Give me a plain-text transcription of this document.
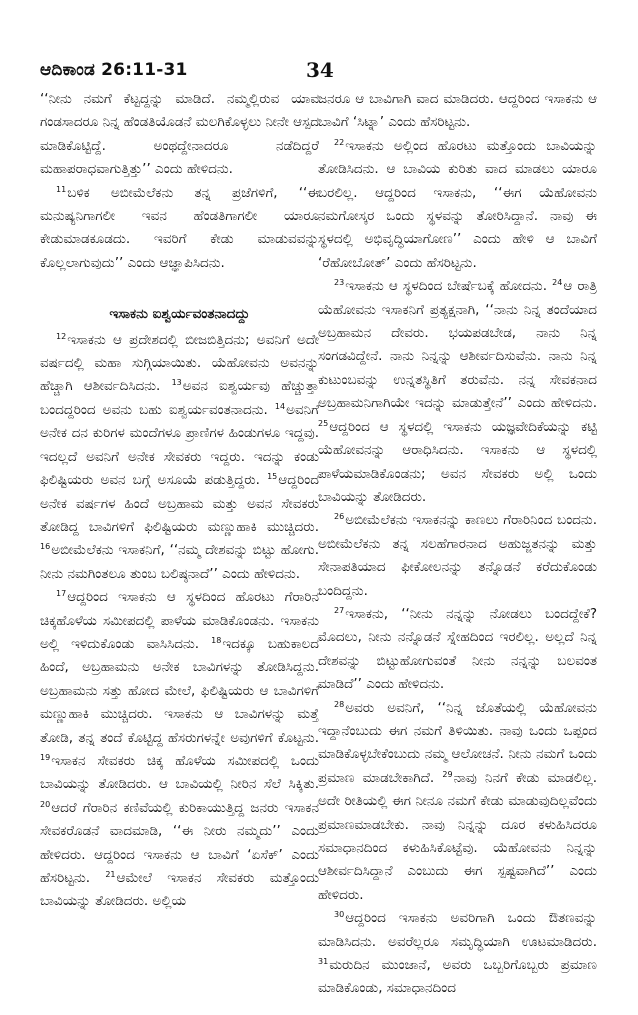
ಆದಿಕಾಂಡ 26:11-31	34

‘‘ನೀನು ನಮಗೆ ಕೆಟ್ಟದ್ದನ್ನು ಮಾಡಿದೆ. ನಮ್ಮಲ್ಲಿರುವ ಯಾವ ಗಂಡಸಾದರೂ ನಿನ್ನ ಹೆಂಡತಿಯೊಡನೆ ಮಲಗಿಕೊಳ್ಳಲು ನೀನೇ ಆಸ್ಪದ ಮಾಡಿಕೊಟ್ಟಿದ್ದೆ. ಅಂಥದ್ದೇನಾದರೂ ನಡೆದಿದ್ದರೆ ಮಹಾಪರಾಧವಾಗುತ್ತಿತ್ತು’’ ಎಂದು ಹೇಳಿದನು.

$^{11}$ಬಳಿಕ ಅಬೀಮೆಲೆಕನು ತನ್ನ ಪ್ರಜೆಗಳಿಗೆ, ‘‘ಈ ಮನುಷ್ಯನಿಗಾಗಲೀ ಇವನ ಹೆಂಡತಿಗಾಗಲೀ ಯಾರೂ ಕೇಡುಮಾಡಕೂಡದು. ಇವರಿಗೆ ಕೇಡು ಮಾಡುವವನ್ನು ಕೊಲ್ಲಲಾಗುವುದು’’ ಎಂದು ಆಜ್ಞಾಪಿಸಿದನು.

ಇಸಾಕನು ಐಶ್ವರ್ಯವಂತನಾದದ್ದು

$^{12}$ಇಸಾಕನು ಆ ಪ್ರದೇಶದಲ್ಲಿ ಬೀಜಬಿತ್ತಿದನು; ಅವನಿಗೆ ಅದೇ ವರ್ಷದಲ್ಲಿ ಮಹಾ ಸುಗ್ಗಿಯಾಯಿತು. ಯೆಹೋವನು ಅವನನ್ನು ಹೆಚ್ಚಾಗಿ ಆಶೀರ್ವದಿಸಿದನು. $^{13}$ಅವನ ಐಶ್ವರ್ಯವು ಹೆಚ್ಚುತ್ತಾ ಬಂದದ್ದರಿಂದ ಅವನು ಬಹು ಐಶ್ವರ್ಯವಂತನಾದನು. $^{14}$ಅವನಿಗೆ ಅನೇಕ ದನ ಕುರಿಗಳ ಮಂದೆಗಳೂ ಪ್ರಾಣಿಗಳ ಹಿಂಡುಗಳೂ ಇದ್ದವು. ಇದಲ್ಲದೆ ಅವನಿಗೆ ಅನೇಕ ಸೇವಕರು ಇದ್ದರು. ಇದನ್ನು ಕಂಡು ಫಿಲಿಷ್ಟಿಯರು ಅವನ ಬಗ್ಗೆ ಅಸೂಯೆ ಪಡುತ್ತಿದ್ದರು. $^{15}$ಆದ್ದರಿಂದ ಅನೇಕ ವರ್ಷಗಳ ಹಿಂದೆ ಅಬ್ರಹಾಮ ಮತ್ತು ಅವನ ಸೇವಕರು ತೋಡಿದ್ದ ಬಾವಿಗಳಿಗೆ ಫಿಲಿಷ್ಟಿಯರು ಮಣ್ಣುಹಾಕಿ ಮುಚ್ಚಿದರು. $^{16}$ಅಬೀಮೆಲೆಕನು ಇಸಾಕನಿಗೆ, ‘‘ನಮ್ಮ ದೇಶವನ್ನು ಬಿಟ್ಟು ಹೋಗು. ನೀನು ನಮಗಿಂತಲೂ ತುಂಬ ಬಲಿಷ್ಠನಾದೆ’’ ಎಂದು ಹೇಳಿದನು.

$^{17}$ಆದ್ದರಿಂದ ಇಸಾಕನು ಆ ಸ್ಥಳದಿಂದ ಹೊರಟು ಗೆರಾರಿನ ಚಿಕ್ಕಹೊಳೆಯ ಸಮೀಪದಲ್ಲಿ ಪಾಳೆಯ ಮಾಡಿಕೊಂಡನು. ಇಸಾಕನು ಅಲ್ಲಿ ಇಳಿದುಕೊಂಡು ವಾಸಿಸಿದನು. $^{18}$ಇದಕ್ಕೂ ಬಹುಕಾಲದ ಹಿಂದೆ, ಅಬ್ರಹಾಮನು ಅನೇಕ ಬಾವಿಗಳನ್ನು ತೋಡಿಸಿದ್ದನು. ಅಬ್ರಹಾಮನು ಸತ್ತು ಹೋದ ಮೇಲೆ, ಫಿಲಿಷ್ಟಿಯರು ಆ ಬಾವಿಗಳಿಗೆ ಮಣ್ಣುಹಾಕಿ ಮುಚ್ಚಿದರು. ಇಸಾಕನು ಆ ಬಾವಿಗಳನ್ನು ಮತ್ತೆ ತೋಡಿ, ತನ್ನ ತಂದೆ ಕೊಟ್ಟಿದ್ದ ಹೆಸರುಗಳನ್ನೇ ಅವುಗಳಿಗೆ ಕೊಟ್ಟನು. $^{19}$ಇಸಾಕನ ಸೇವಕರು ಚಿಕ್ಕ ಹೊಳೆಯ ಸಮೀಪದಲ್ಲಿ ಒಂದು ಬಾವಿಯನ್ನು ತೋಡಿದರು. ಆ ಬಾವಿಯಲ್ಲಿ ನೀರಿನ ಸೆಲೆ ಸಿಕ್ಕಿತು. $^{20}$ಆದರೆ ಗೆರಾರಿನ ಕಣಿವೆಯಲ್ಲಿ ಕುರಿಕಾಯುತ್ತಿದ್ದ ಜನರು ಇಸಾಕನ ಸೇವಕರೊಡನೆ ವಾದಮಾಡಿ, ‘‘ಈ ನೀರು ನಮ್ಮದು’’ ಎಂದು ಹೇಳಿದರು. ಆದ್ದರಿಂದ ಇಸಾಕನು ಆ ಬಾವಿಗೆ ‘ಏಸೆಕ್’ ಎಂದು ಹೆಸರಿಟ್ಟನು. $^{21}$ಆಮೇಲೆ ಇಸಾಕನ ಸೇವಕರು ಮತ್ತೊಂದು ಬಾವಿಯನ್ನು ತೋಡಿದರು. ಅಲ್ಲಿಯ

ಜನರೂ ಆ ಬಾವಿಗಾಗಿ ವಾದ ಮಾಡಿದರು. ಆದ್ದರಿಂದ ಇಸಾಕನು ಆ ಬಾವಿಗೆ ‘ಸಿಟ್ನಾ’ ಎಂದು ಹೆಸರಿಟ್ಟನು.

$^{22}$ಇಸಾಕನು ಅಲ್ಲಿಂದ ಹೊರಟು ಮತ್ತೊಂದು ಬಾವಿಯನ್ನು ತೋಡಿಸಿದನು. ಆ ಬಾವಿಯ ಕುರಿತು ವಾದ ಮಾಡಲು ಯಾರೂ ಬರಲಿಲ್ಲ. ಆದ್ದರಿಂದ ಇಸಾಕನು, ‘‘ಈಗ ಯೆಹೋವನು ನಮಗೋಸ್ಕರ ಒಂದು ಸ್ಥಳವನ್ನು ತೋರಿಸಿದ್ದಾನೆ. ನಾವು ಈ ಸ್ಥಳದಲ್ಲಿ ಅಭಿವೃದ್ಧಿಯಾಗೋಣ’’ ಎಂದು ಹೇಳಿ ಆ ಬಾವಿಗೆ ‘ರೆಹೋಬೋತ್’ ಎಂದು ಹೆಸರಿಟ್ಟನು.

$^{23}$ಇಸಾಕನು ಆ ಸ್ಥಳದಿಂದ ಬೇರ್ಷೆಬಕ್ಕೆ ಹೋದನು. $^{24}$ಆ ರಾತ್ರಿ ಯೆಹೋವನು ಇಸಾಕನಿಗೆ ಪ್ರತ್ಯಕ್ಷನಾಗಿ, ‘‘ನಾನು ನಿನ್ನ ತಂದೆಯಾದ ಅಬ್ರಹಾಮನ ದೇವರು. ಭಯಪಡಬೇಡ, ನಾನು ನಿನ್ನ ಸಂಗಡವಿದ್ದೇನೆ. ನಾನು ನಿನ್ನನ್ನು ಆಶೀರ್ವದಿಸುವೆನು. ನಾನು ನಿನ್ನ ಕುಟುಂಬವನ್ನು ಉನ್ನತಸ್ಥಿತಿಗೆ ತರುವೆನು. ನನ್ನ ಸೇವಕನಾದ ಅಬ್ರಹಾಮನಿಗಾಗಿಯೇ ಇದನ್ನು ಮಾಡುತ್ತೇನೆ’’ ಎಂದು ಹೇಳಿದನು. $^{25}$ಆದ್ದರಿಂದ ಆ ಸ್ಥಳದಲ್ಲಿ ಇಸಾಕನು ಯಜ್ಞವೇದಿಕೆಯನ್ನು ಕಟ್ಟಿ ಯೆಹೋವನನ್ನು ಆರಾಧಿಸಿದನು. ಇಸಾಕನು ಆ ಸ್ಥಳದಲ್ಲಿ ಪಾಳೆಯಮಾಡಿಕೊಂಡನು; ಅವನ ಸೇವಕರು ಅಲ್ಲಿ ಒಂದು ಬಾವಿಯನ್ನು ತೋಡಿದರು.

$^{26}$ಅಬೀಮೆಲೆಕನು ಇಸಾಕನನ್ನು ಕಾಣಲು ಗೆರಾರಿನಿಂದ ಬಂದನು. ಅಬೀಮೆಲೆಕನು ತನ್ನ ಸಲಹೆಗಾರನಾದ ಅಹುಜ್ಜತನನ್ನು ಮತ್ತು ಸೇನಾಪತಿಯಾದ ಫೀಕೋಲನನ್ನು ತನ್ನೊಡನೆ ಕರೆದುಕೊಂಡು ಬಂದಿದ್ದನು.

$^{27}$ಇಸಾಕನು, ‘‘ನೀನು ನನ್ನನ್ನು ನೋಡಲು ಬಂದದ್ದೇಕೆ? ಮೊದಲು, ನೀನು ನನ್ನೊಡನೆ ಸ್ನೇಹದಿಂದ ಇರಲಿಲ್ಲ. ಅಲ್ಲದೆ ನಿನ್ನ ದೇಶವನ್ನು ಬಿಟ್ಟುಹೋಗುವಂತೆ ನೀನು ನನ್ನನ್ನು ಬಲವಂತ ಮಾಡಿದೆ’’ ಎಂದು ಹೇಳಿದನು.

$^{28}$ಅವರು ಅವನಿಗೆ, ‘‘ನಿನ್ನ ಜೊತೆಯಲ್ಲಿ ಯೆಹೋವನು ಇದ್ದಾನೆಂಬುದು ಈಗ ನಮಗೆ ತಿಳಿಯಿತು. ನಾವು ಒಂದು ಒಪ್ಪಂದ ಮಾಡಿಕೊಳ್ಳಬೇಕೆಂಬುದು ನಮ್ಮ ಆಲೋಚನೆ. ನೀನು ನಮಗೆ ಒಂದು ಪ್ರಮಾಣ ಮಾಡಬೇಕಾಗಿದೆ. $^{29}$ನಾವು ನಿನಗೆ ಕೇಡು ಮಾಡಲಿಲ್ಲ. ಅದೇ ರೀತಿಯಲ್ಲಿ ಈಗ ನೀನೂ ನಮಗೆ ಕೇಡು ಮಾಡುವುದಿಲ್ಲವೆಂದು ಪ್ರಮಾಣಮಾಡಬೇಕು. ನಾವು ನಿನ್ನನ್ನು ದೂರ ಕಳುಹಿಸಿದರೂ ಸಮಾಧಾನದಿಂದ ಕಳುಹಿಸಿಕೊಟ್ಟೆವು. ಯೆಹೋವನು ನಿನ್ನನ್ನು ಆಶೀರ್ವದಿಸಿದ್ದಾನೆ ಎಂಬುದು ಈಗ ಸ್ಪಷ್ಟವಾಗಿದೆ’’ ಎಂದು ಹೇಳಿದರು.

$^{30}$ಆದ್ದರಿಂದ ಇಸಾಕನು ಅವರಿಗಾಗಿ ಒಂದು ಔತಣವನ್ನು ಮಾಡಿಸಿದನು. ಅವರೆಲ್ಲರೂ ಸಮೃದ್ಧಿಯಾಗಿ ಊಟಮಾಡಿದರು. $^{31}$ಮರುದಿನ ಮುಂಜಾನೆ, ಅವರು ಒಬ್ಬರಿಗೊಬ್ಬರು ಪ್ರಮಾಣ ಮಾಡಿಕೊಂಡು, ಸಮಾಧಾನದಿಂದ
